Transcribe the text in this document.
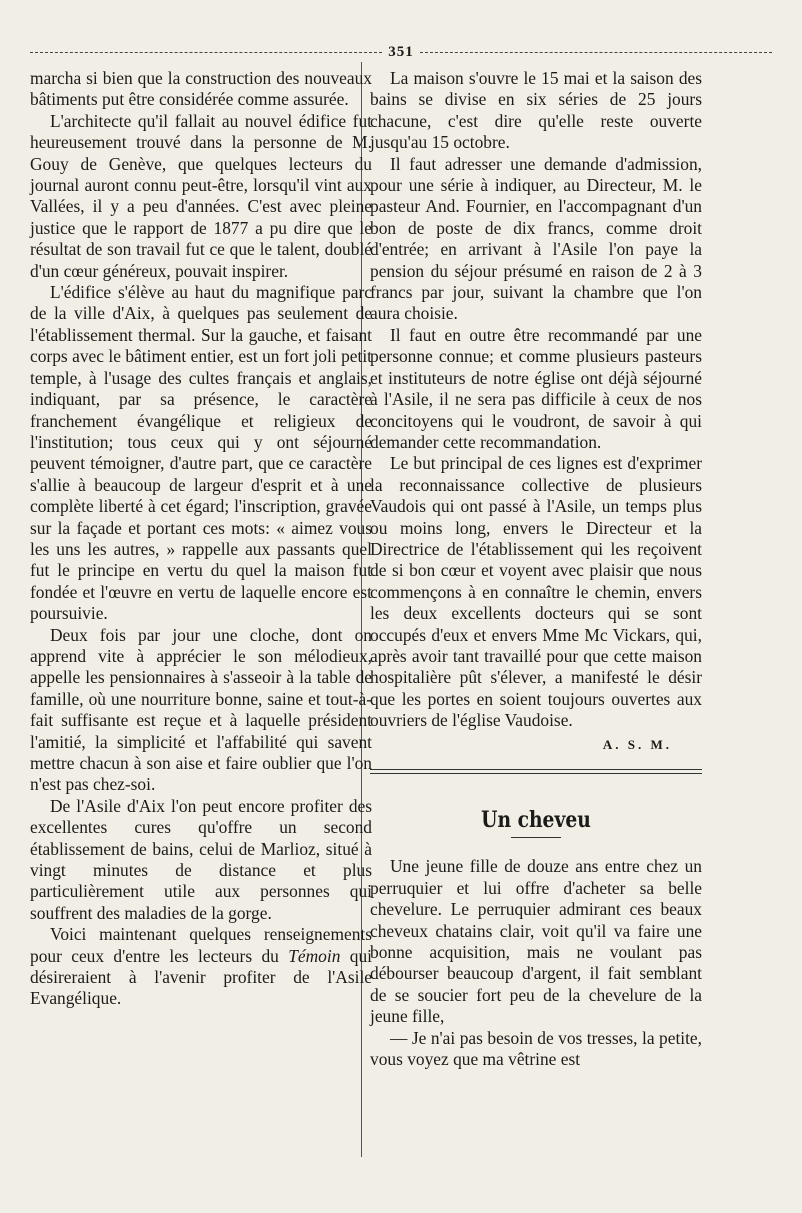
351

marcha si bien que la construction des nouveaux bâtiments put être considérée comme assurée.

L'architecte qu'il fallait au nouvel édifice fut heureusement trouvé dans la personne de M. Gouy de Genève, que quelques lecteurs du journal auront connu peut-être, lorsqu'il vint aux Vallées, il y a peu d'années. C'est avec pleine justice que le rapport de 1877 a pu dire que le résultat de son travail fut ce que le talent, doublé d'un cœur généreux, pouvait inspirer.

L'édifice s'élève au haut du magnifique parc de la ville d'Aix, à quelques pas seulement de l'établissement thermal. Sur la gauche, et faisant corps avec le bâtiment entier, est un fort joli petit temple, à l'usage des cultes français et anglais, indiquant, par sa présence, le caractère franchement évangélique et religieux de l'institution; tous ceux qui y ont séjourné peuvent témoigner, d'autre part, que ce caractère s'allie à beaucoup de largeur d'esprit et à une complète liberté à cet égard; l'inscription, gravée sur la façade et portant ces mots: « aimez vous les uns les autres, » rappelle aux passants quel fut le principe en vertu du quel la maison fut fondée et l'œuvre en vertu de laquelle encore est poursuivie.

Deux fois par jour une cloche, dont on apprend vite à apprécier le son mélodieux, appelle les pensionnaires à s'asseoir à la table de famille, où une nourriture bonne, saine et tout-à-fait suffisante est reçue et à laquelle président l'amitié, la simplicité et l'affabilité qui savent mettre chacun à son aise et faire oublier que l'on n'est pas chez-soi.

De l'Asile d'Aix l'on peut encore profiter des excellentes cures qu'offre un second établissement de bains, celui de Marlioz, situé à vingt minutes de distance et plus particulièrement utile aux personnes qui souffrent des maladies de la gorge.

Voici maintenant quelques renseignements pour ceux d'entre les lecteurs du Témoin qui désireraient à l'avenir profiter de l'Asile Evangélique.

La maison s'ouvre le 15 mai et la saison des bains se divise en six séries de 25 jours chacune, c'est dire qu'elle reste ouverte jusqu'au 15 octobre.

Il faut adresser une demande d'admission, pour une série à indiquer, au Directeur, M. le pasteur And. Fournier, en l'accompagnant d'un bon de poste de dix francs, comme droit d'entrée; en arrivant à l'Asile l'on paye la pension du séjour présumé en raison de 2 à 3 francs par jour, suivant la chambre que l'on aura choisie.

Il faut en outre être recommandé par une personne connue; et comme plusieurs pasteurs et instituteurs de notre église ont déjà séjourné à l'Asile, il ne sera pas difficile à ceux de nos concitoyens qui le voudront, de savoir à qui demander cette recommandation.

Le but principal de ces lignes est d'exprimer la reconnaissance collective de plusieurs Vaudois qui ont passé à l'Asile, un temps plus ou moins long, envers le Directeur et la Directrice de l'établissement qui les reçoivent de si bon cœur et voyent avec plaisir que nous commençons à en connaître le chemin, envers les deux excellents docteurs qui se sont occupés d'eux et envers Mme Mc Vickars, qui, après avoir tant travaillé pour que cette maison hospitalière pût s'élever, a manifesté le désir que les portes en soient toujours ouvertes aux ouvriers de l'église Vaudoise.

A. S. M.
Un cheveu

Une jeune fille de douze ans entre chez un perruquier et lui offre d'acheter sa belle chevelure. Le perruquier admirant ces beaux cheveux chatains clair, voit qu'il va faire une bonne acquisition, mais ne voulant pas débourser beaucoup d'argent, il fait semblant de se soucier fort peu de la chevelure de la jeune fille,

— Je n'ai pas besoin de vos tresses, la petite, vous voyez que ma vêtrine est
